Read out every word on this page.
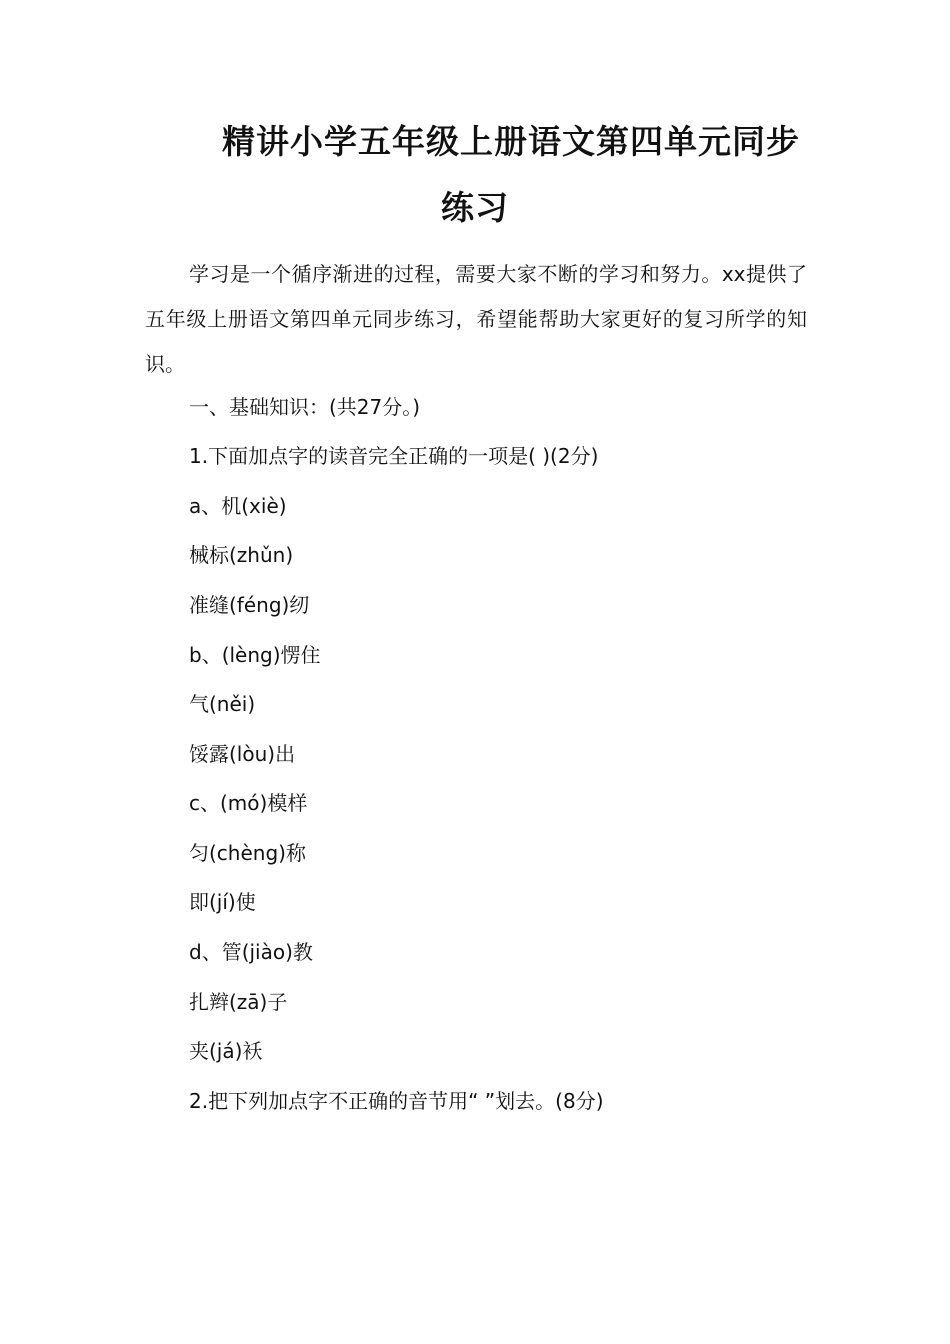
精讲小学五年级上册语文第四单元同步
练习

学习是一个循序渐进的过程，需要大家不断的学习和努力。xx提供了五年级上册语文第四单元同步练习，希望能帮助大家更好的复习所学的知识。

一、基础知识：(共27分。)

1.下面加点字的读音完全正确的一项是( )(2分)

a、机(xiè)

械标(zhǔn)

准缝(féng)纫

b、(lèng)愣住

气(něi)

馁露(lòu)出

c、(mó)模样

匀(chèng)称

即(jí)使

d、管(jiào)教

扎辫(zā)子

夹(já)袄

2.把下列加点字不正确的音节用“ ”划去。(8分)
